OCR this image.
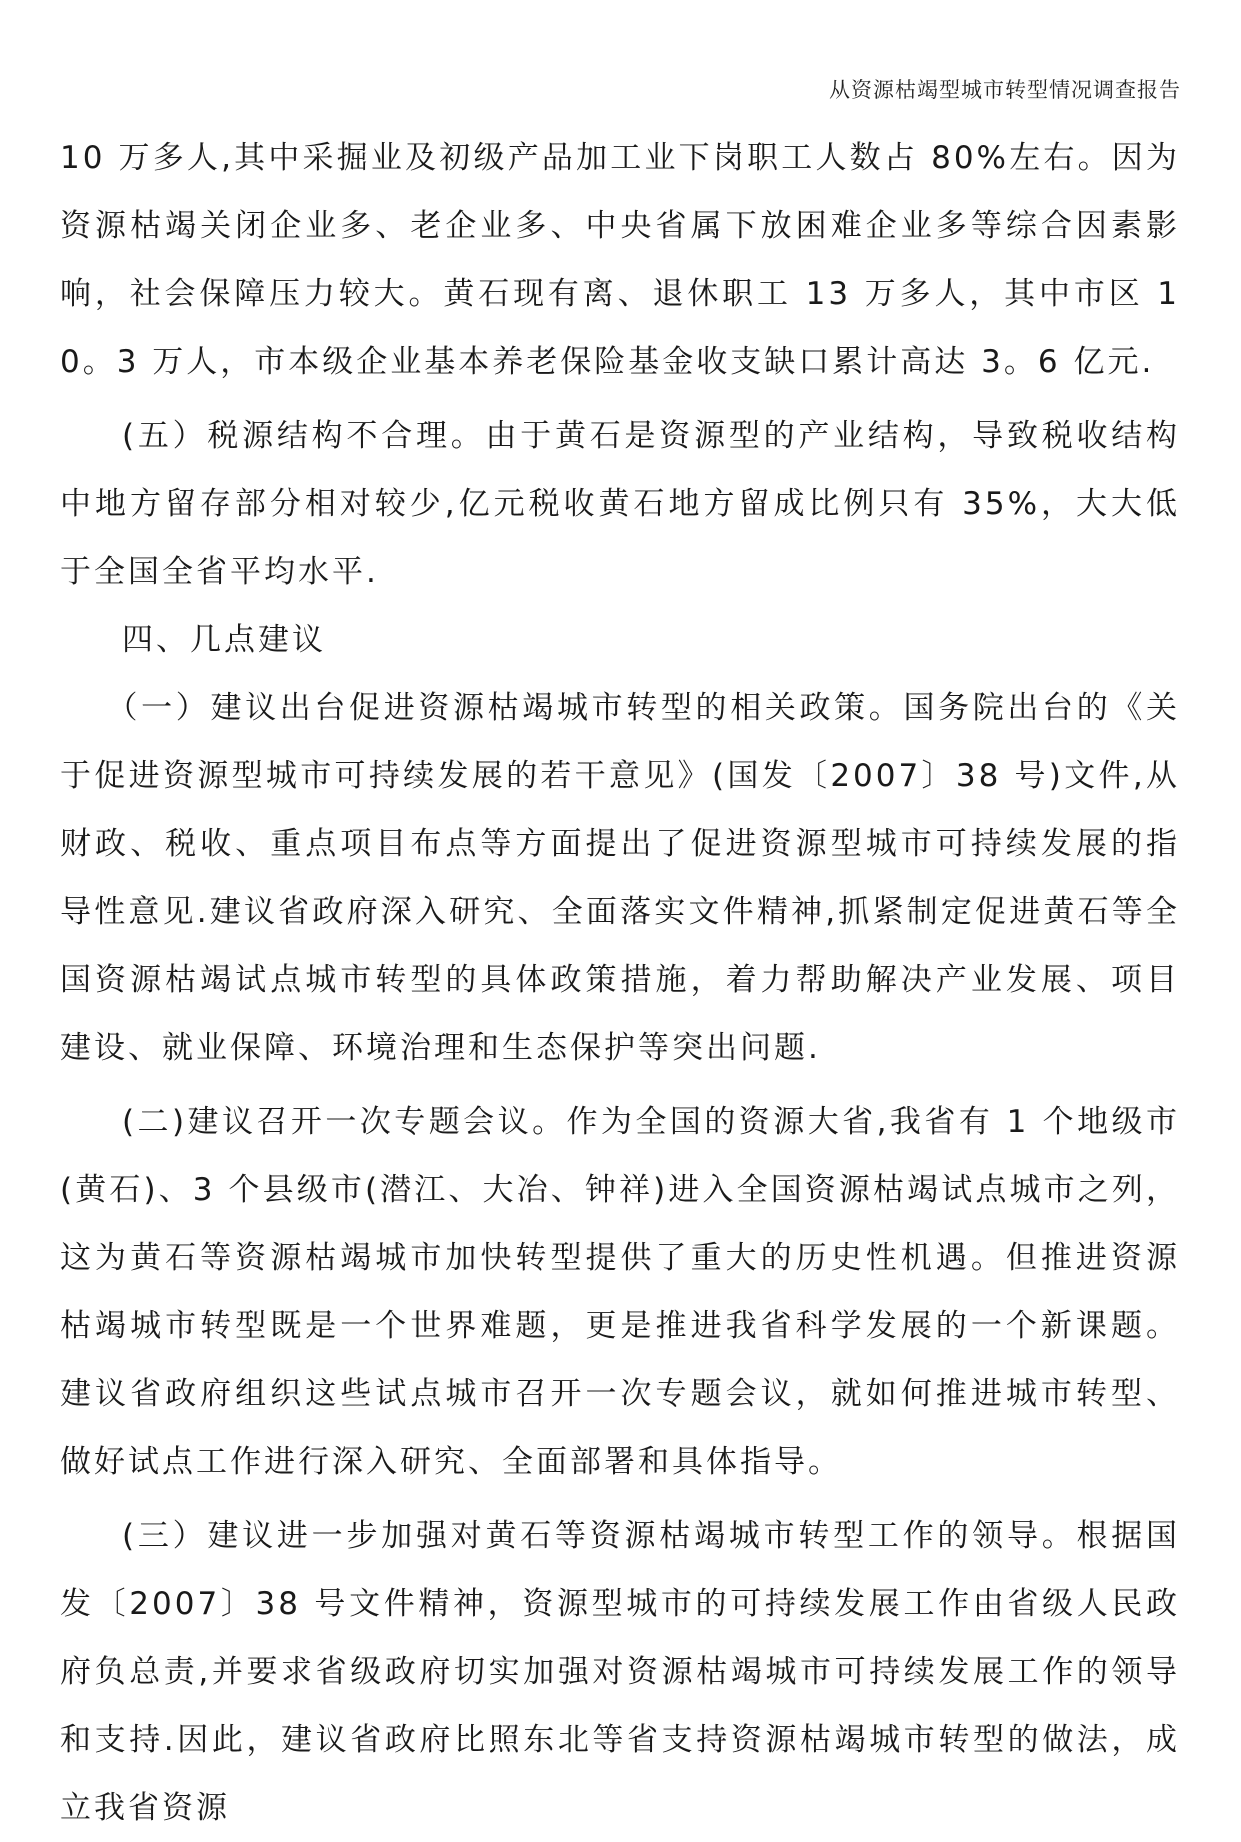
从资源枯竭型城市转型情况调查报告

10 万多人,其中采掘业及初级产品加工业下岗职工人数占 80%左右。因为资源枯竭关闭企业多、老企业多、中央省属下放困难企业多等综合因素影响，社会保障压力较大。黄石现有离、退休职工 13 万多人，其中市区 10。3 万人，市本级企业基本养老保险基金收支缺口累计高达 3。6 亿元.

(五）税源结构不合理。由于黄石是资源型的产业结构，导致税收结构中地方留存部分相对较少,亿元税收黄石地方留成比例只有 35%，大大低于全国全省平均水平.

四、几点建议

（一）建议出台促进资源枯竭城市转型的相关政策。国务院出台的《关于促进资源型城市可持续发展的若干意见》(国发〔2007〕38 号)文件,从财政、税收、重点项目布点等方面提出了促进资源型城市可持续发展的指导性意见.建议省政府深入研究、全面落实文件精神,抓紧制定促进黄石等全国资源枯竭试点城市转型的具体政策措施，着力帮助解决产业发展、项目建设、就业保障、环境治理和生态保护等突出问题.

(二)建议召开一次专题会议。作为全国的资源大省,我省有 1 个地级市(黄石)、3 个县级市(潜江、大冶、钟祥)进入全国资源枯竭试点城市之列，这为黄石等资源枯竭城市加快转型提供了重大的历史性机遇。但推进资源枯竭城市转型既是一个世界难题，更是推进我省科学发展的一个新课题。建议省政府组织这些试点城市召开一次专题会议，就如何推进城市转型、做好试点工作进行深入研究、全面部署和具体指导。

(三）建议进一步加强对黄石等资源枯竭城市转型工作的领导。根据国发〔2007〕38 号文件精神，资源型城市的可持续发展工作由省级人民政府负总责,并要求省级政府切实加强对资源枯竭城市可持续发展工作的领导和支持.因此，建议省政府比照东北等省支持资源枯竭城市转型的做法，成立我省资源
